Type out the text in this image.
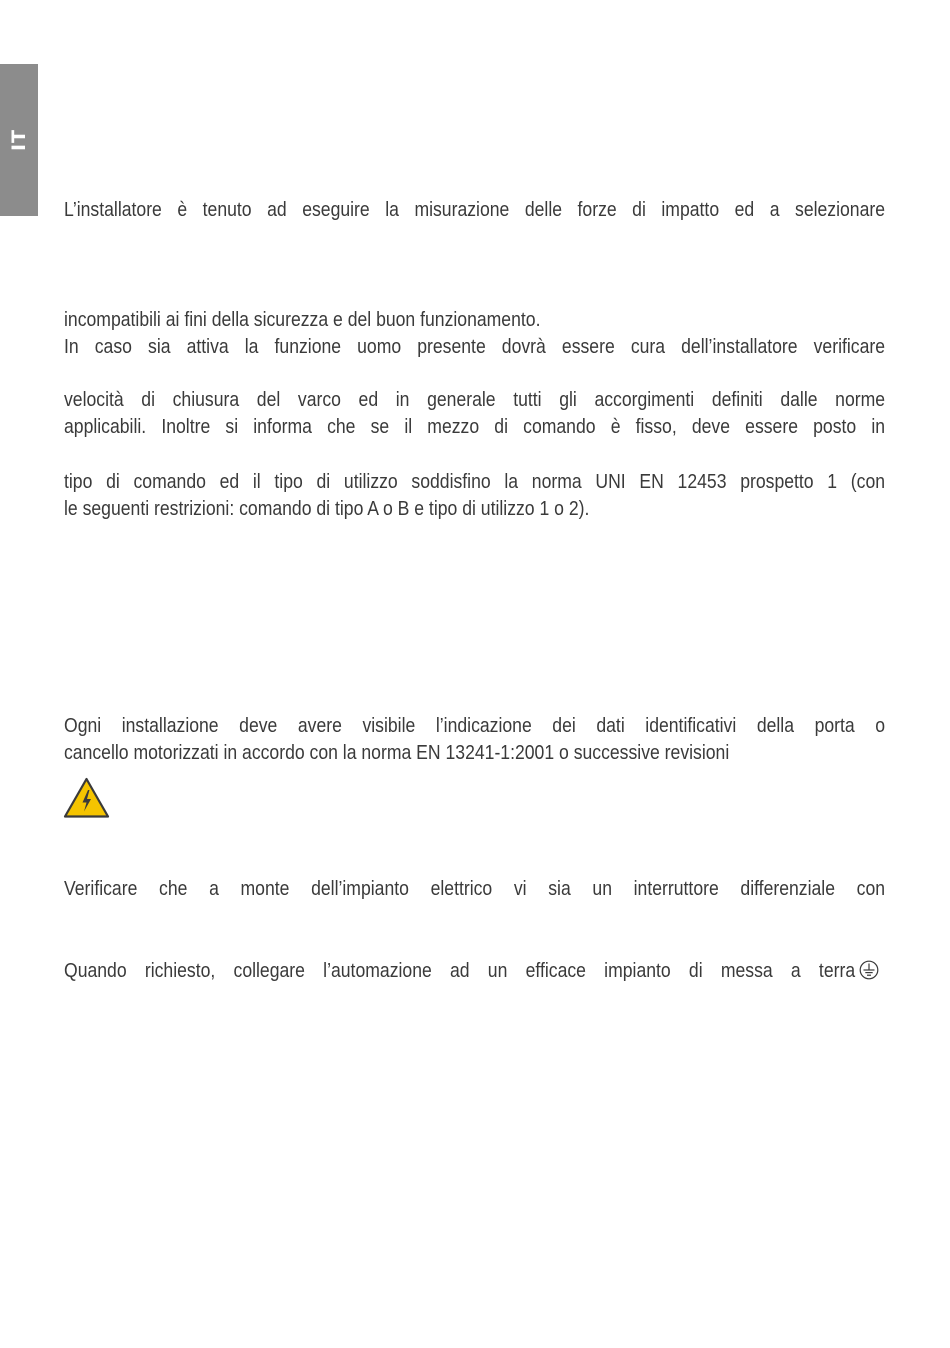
IT
L’installatore è tenuto ad eseguire la misurazione delle forze di impatto ed a selezionare
incompatibili ai fini della sicurezza e del buon funzionamento.
In caso sia attiva la funzione uomo presente dovrà essere cura dell’installatore verificare
velocità di chiusura del varco ed in generale tutti gli accorgimenti definiti dalle norme
applicabili. Inoltre si informa che se il mezzo di comando è fisso, deve essere posto in
tipo di comando ed il tipo di utilizzo soddisfino la norma UNI EN 12453 prospetto 1 (con
le seguenti restrizioni: comando di tipo A o B e tipo di utilizzo 1 o 2).
Ogni installazione deve avere visibile l’indicazione dei dati identificativi della porta o
cancello motorizzati in accordo con la norma EN 13241-1:2001 o successive revisioni
Verificare che a monte dell’impianto elettrico vi sia un interruttore differenziale con
Quando richiesto, collegare l’automazione ad un efficace impianto di messa a terra
